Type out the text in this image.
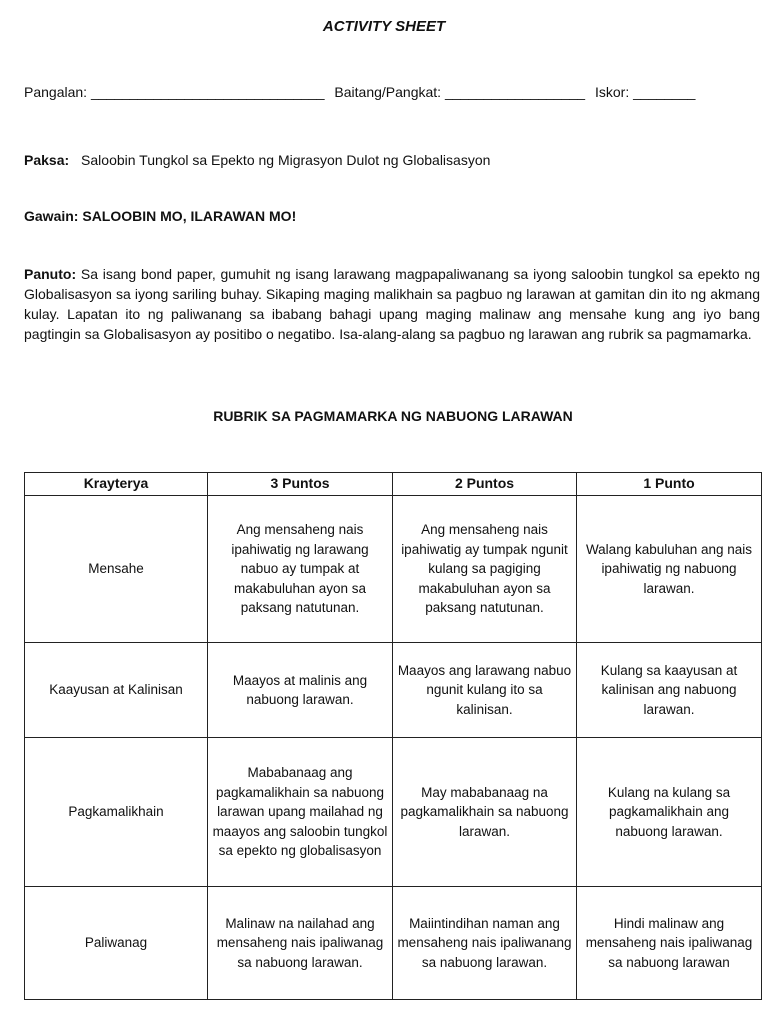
ACTIVITY SHEET
Pangalan: ______________________________ Baitang/Pangkat: __________________ Iskor: ________
Paksa: Saloobin Tungkol sa Epekto ng Migrasyon Dulot ng Globalisasyon
Gawain: SALOOBIN MO, ILARAWAN MO!
Panuto: Sa isang bond paper, gumuhit ng isang larawang magpapaliwanang sa iyong saloobin tungkol sa epekto ng Globalisasyon sa iyong sariling buhay. Sikaping maging malikhain sa pagbuo ng larawan at gamitan din ito ng akmang kulay. Lapatan ito ng paliwanang sa ibabang bahagi upang maging malinaw ang mensahe kung ang iyo bang pagtingin sa Globalisasyon ay positibo o negatibo. Isa-alang-alang sa pagbuo ng larawan ang rubrik sa pagmamarka.
RUBRIK SA PAGMAMARKA NG NABUONG LARAWAN
Krayterya	3 Puntos	2 Puntos	1 Punto
Mensahe	Ang mensaheng nais ipahiwatig ng larawang nabuo ay tumpak at makabuluhan ayon sa paksang natutunan.	Ang mensaheng nais ipahiwatig ay tumpak ngunit kulang sa pagiging makabuluhan ayon sa paksang natutunan.	Walang kabuluhan ang nais ipahiwatig ng nabuong larawan.
Kaayusan at Kalinisan	Maayos at malinis ang nabuong larawan.	Maayos ang larawang nabuo ngunit kulang ito sa kalinisan.	Kulang sa kaayusan at kalinisan ang nabuong larawan.
Pagkamalikhain	Mababanaag ang pagkamalikhain sa nabuong larawan upang mailahad ng maayos ang saloobin tungkol sa epekto ng globalisasyon	May mababanaag na pagkamalikhain sa nabuong larawan.	Kulang na kulang sa pagkamalikhain ang nabuong larawan.
Paliwanag	Malinaw na nailahad ang mensaheng nais ipaliwanag sa nabuong larawan.	Maiintindihan naman ang mensaheng nais ipaliwanang sa nabuong larawan.	Hindi malinaw ang mensaheng nais ipaliwanag sa nabuong larawan
